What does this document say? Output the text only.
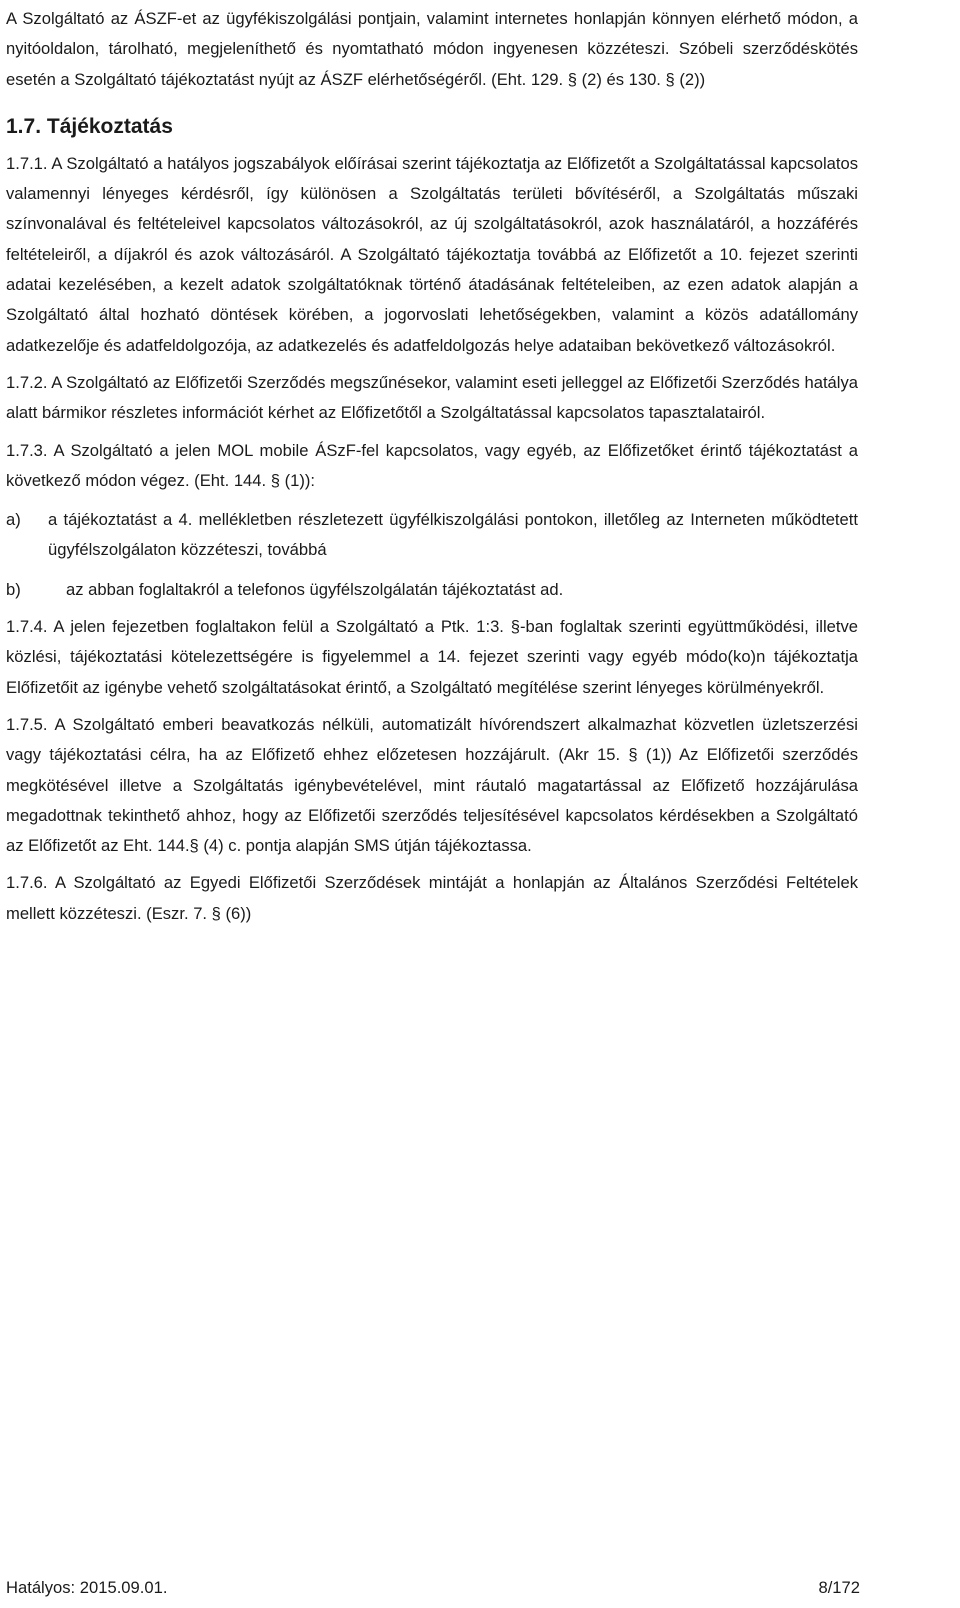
A Szolgáltató az ÁSZF-et az ügyfékiszolgálási pontjain, valamint internetes honlapján könnyen elérhető módon, a nyitóoldalon, tárolható, megjeleníthető és nyomtatható módon ingyenesen közzéteszi. Szóbeli szerződéskötés esetén a Szolgáltató tájékoztatást nyújt az ÁSZF elérhetőségéről. (Eht. 129. § (2) és 130. § (2))

1.7. Tájékoztatás

1.7.1. A Szolgáltató a hatályos jogszabályok előírásai szerint tájékoztatja az Előfizetőt a Szolgáltatással kapcsolatos valamennyi lényeges kérdésről, így különösen a Szolgáltatás területi bővítéséről, a Szolgáltatás műszaki színvonalával és feltételeivel kapcsolatos változásokról, az új szolgáltatásokról, azok használatáról, a hozzáférés feltételeiről, a díjakról és azok változásáról. A Szolgáltató tájékoztatja továbbá az Előfizetőt a 10. fejezet szerinti adatai kezelésében, a kezelt adatok szolgáltatóknak történő átadásának feltételeiben, az ezen adatok alapján a Szolgáltató által hozható döntések körében, a jogorvoslati lehetőségekben, valamint a közös adatállomány adatkezelője és adatfeldolgozója, az adatkezelés és adatfeldolgozás helye adataiban bekövetkező változásokról.

1.7.2. A Szolgáltató az Előfizetői Szerződés megszűnésekor, valamint eseti jelleggel az Előfizetői Szerződés hatálya alatt bármikor részletes információt kérhet az Előfizetőtől a Szolgáltatással kapcsolatos tapasztalatairól.

1.7.3. A Szolgáltató a jelen MOL mobile ÁSzF-fel kapcsolatos, vagy egyéb, az Előfizetőket érintő tájékoztatást a következő módon végez. (Eht. 144. § (1)):

a) a tájékoztatást a 4. mellékletben részletezett ügyfélkiszolgálási pontokon, illetőleg az Interneten működtetett ügyfélszolgálaton közzéteszi, továbbá

b)	az abban foglaltakról a telefonos ügyfélszolgálatán tájékoztatást ad.

1.7.4. A jelen fejezetben foglaltakon felül a Szolgáltató a Ptk. 1:3. §-ban foglaltak szerinti együttműködési, illetve közlési, tájékoztatási kötelezettségére is figyelemmel a 14. fejezet szerinti vagy egyéb módo(ko)n tájékoztatja Előfizetőit az igénybe vehető szolgáltatásokat érintő, a Szolgáltató megítélése szerint lényeges körülményekről.

1.7.5. A Szolgáltató emberi beavatkozás nélküli, automatizált hívórendszert alkalmazhat közvetlen üzletszerzési vagy tájékoztatási célra, ha az Előfizető ehhez előzetesen hozzájárult. (Akr 15. § (1)) Az Előfizetői szerződés megkötésével illetve a Szolgáltatás igénybevételével, mint ráutaló magatartással az Előfizető hozzájárulása megadottnak tekinthető ahhoz, hogy az Előfizetői szerződés teljesítésével kapcsolatos kérdésekben a Szolgáltató az Előfizetőt az Eht. 144.§ (4) c. pontja alapján SMS útján tájékoztassa.

1.7.6. A Szolgáltató az Egyedi Előfizetői Szerződések mintáját a honlapján az Általános Szerződési Feltételek mellett közzéteszi. (Eszr. 7. § (6))

Hatályos: 2015.09.01.	8/172
